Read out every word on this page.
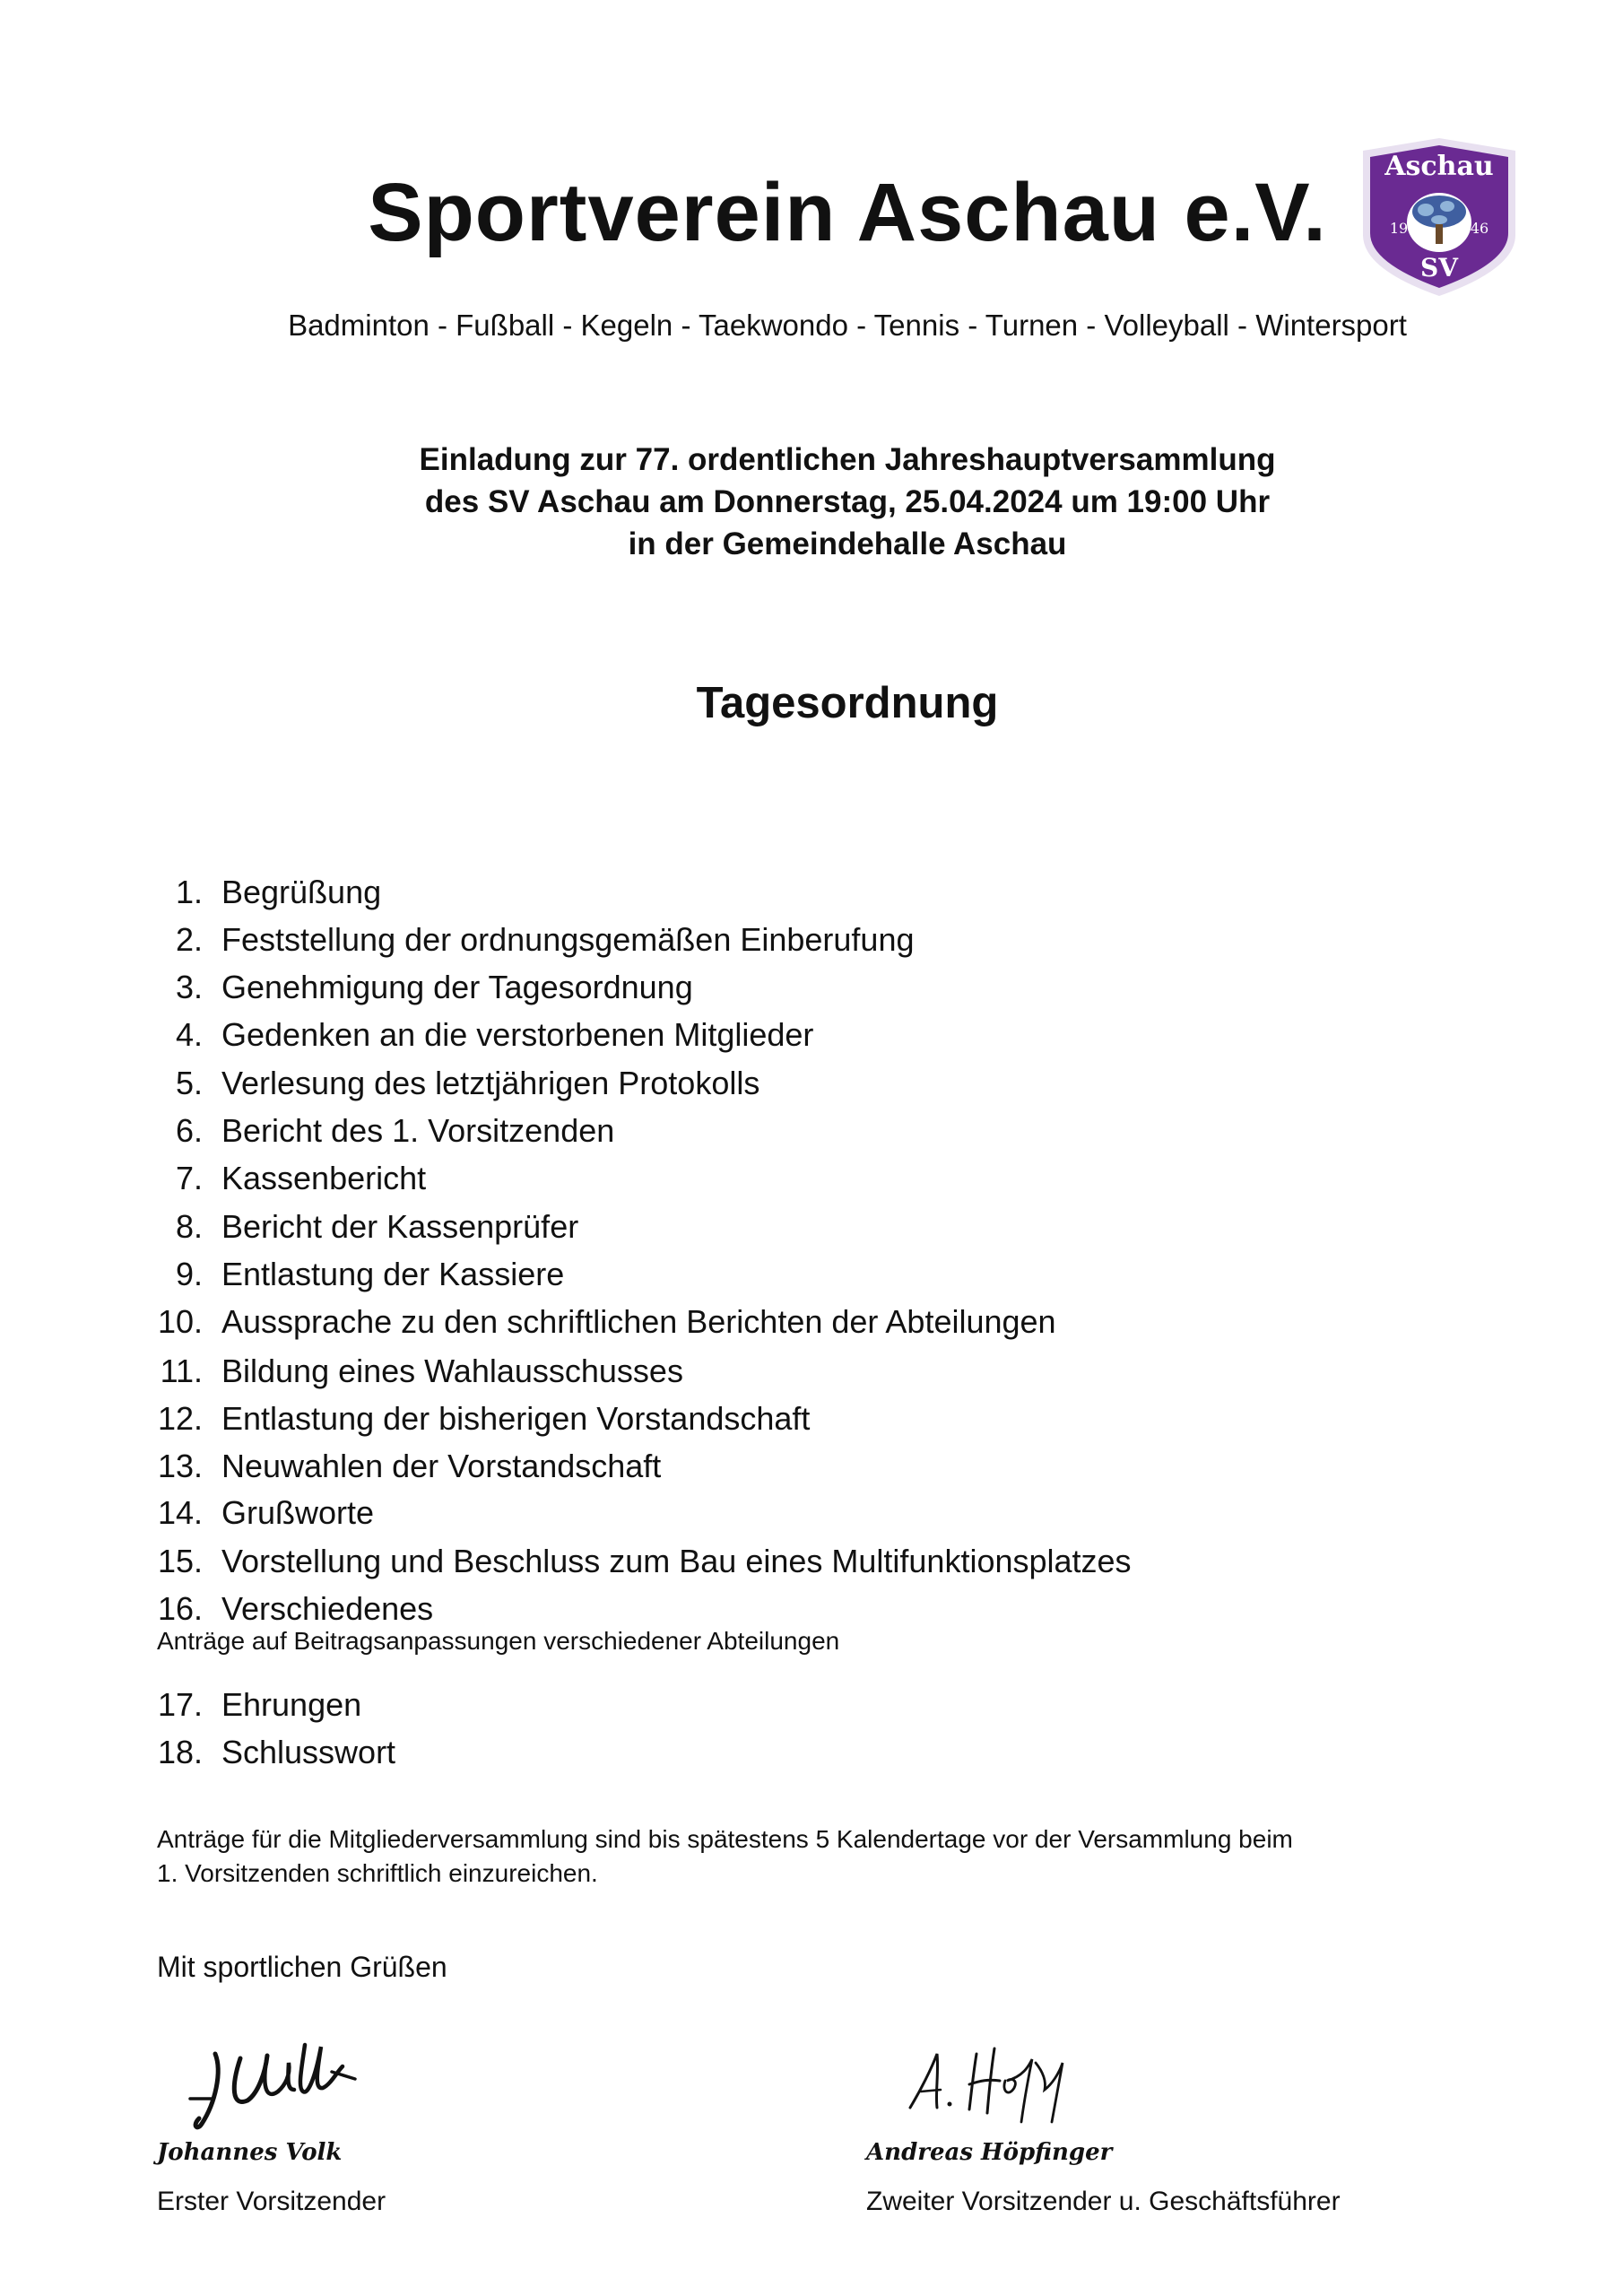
Sportverein Aschau e.V.
Aschau
19	46
SV
Badminton - Fußball - Kegeln - Taekwondo - Tennis - Turnen - Volleyball - Wintersport
Einladung zur 77. ordentlichen Jahreshauptversammlung
des SV Aschau am Donnerstag, 25.04.2024 um 19:00 Uhr
in der Gemeindehalle Aschau
Tagesordnung
1. Begrüßung
2. Feststellung der ordnungsgemäßen Einberufung
3. Genehmigung der Tagesordnung
4. Gedenken an die verstorbenen Mitglieder
5. Verlesung des letztjährigen Protokolls
6. Bericht des 1. Vorsitzenden
7. Kassenbericht
8. Bericht der Kassenprüfer
9. Entlastung der Kassiere
10. Aussprache zu den schriftlichen Berichten der Abteilungen
11. Bildung eines Wahlausschusses
12. Entlastung der bisherigen Vorstandschaft
13. Neuwahlen der Vorstandschaft
14. Grußworte
15. Vorstellung und Beschluss zum Bau eines Multifunktionsplatzes
16. Verschiedenes
17. Ehrungen
18. Schlusswort
Anträge auf Beitragsanpassungen verschiedener Abteilungen
Anträge für die Mitgliederversammlung sind bis spätestens 5 Kalendertage vor der Versammlung beim
1. Vorsitzenden schriftlich einzureichen.
Mit sportlichen Grüßen
Johannes Volk	Andreas Höpfinger
Erster Vorsitzender	Zweiter Vorsitzender u. Geschäftsführer
